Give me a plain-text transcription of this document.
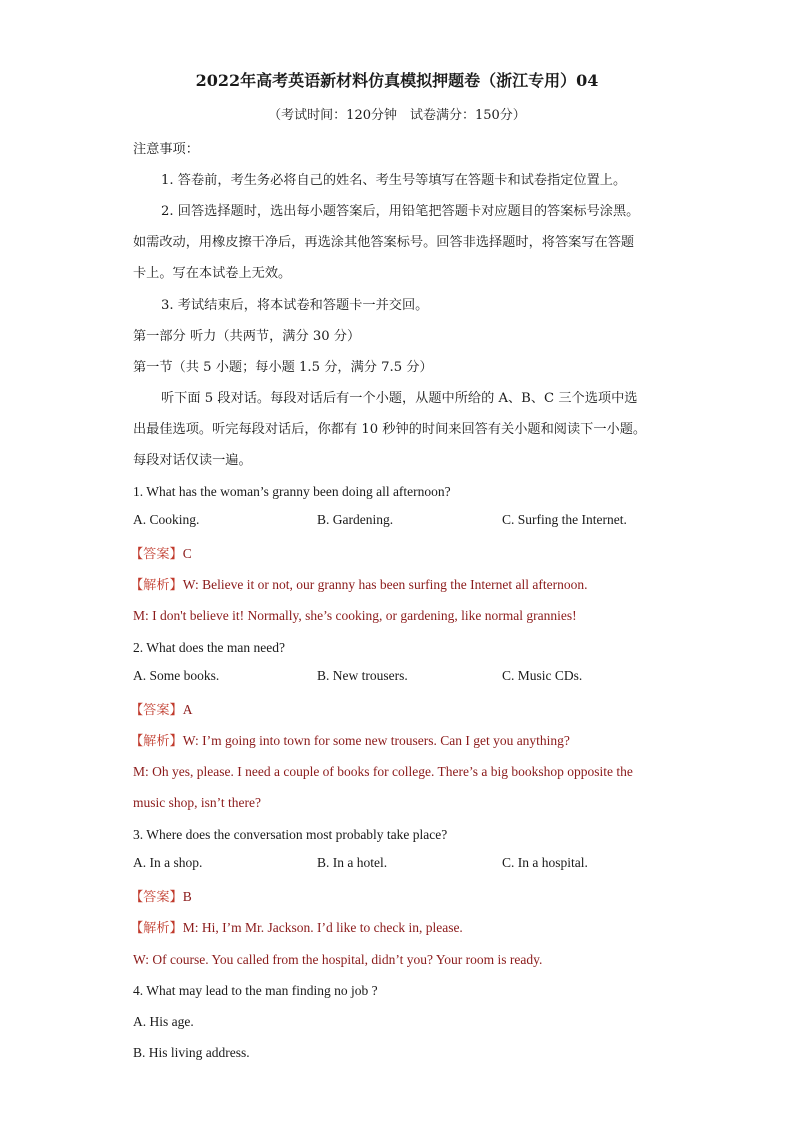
2022年高考英语新材料仿真模拟押题卷（浙江专用）04
（考试时间：120分钟　试卷满分：150分）
注意事项：
1. 答卷前，考生务必将自己的姓名、考生号等填写在答题卡和试卷指定位置上。
2. 回答选择题时，选出每小题答案后，用铅笔把答题卡对应题目的答案标号涂黑。
如需改动，用橡皮擦干净后，再选涂其他答案标号。回答非选择题时，将答案写在答题
卡上。写在本试卷上无效。
3. 考试结束后，将本试卷和答题卡一并交回。
第一部分 听力（共两节，满分 30 分）
第一节（共 5 小题；每小题 1.5 分，满分 7.5 分）
听下面 5 段对话。每段对话后有一个小题，从题中所给的 A、B、C 三个选项中选
出最佳选项。听完每段对话后，你都有 10 秒钟的时间来回答有关小题和阅读下一小题。
每段对话仅读一遍。
1. What has the woman’s granny been doing all afternoon?
A. Cooking.	B. Gardening.	C. Surfing the Internet.
【答案】C
【解析】W: Believe it or not, our granny has been surfing the Internet all afternoon.
M: I don't believe it! Normally, she’s cooking, or gardening, like normal grannies!
2. What does the man need?
A. Some books.	B. New trousers.	C. Music CDs.
【答案】A
【解析】W: I’m going into town for some new trousers. Can I get you anything?
M: Oh yes, please. I need a couple of books for college. There’s a big bookshop opposite the
music shop, isn’t there?
3. Where does the conversation most probably take place?
A. In a shop.	B. In a hotel.	C. In a hospital.
【答案】B
【解析】M: Hi, I’m Mr. Jackson. I’d like to check in, please.
W: Of course. You called from the hospital, didn’t you? Your room is ready.
4. What may lead to the man finding no job ?
A. His age.
B. His living address.
